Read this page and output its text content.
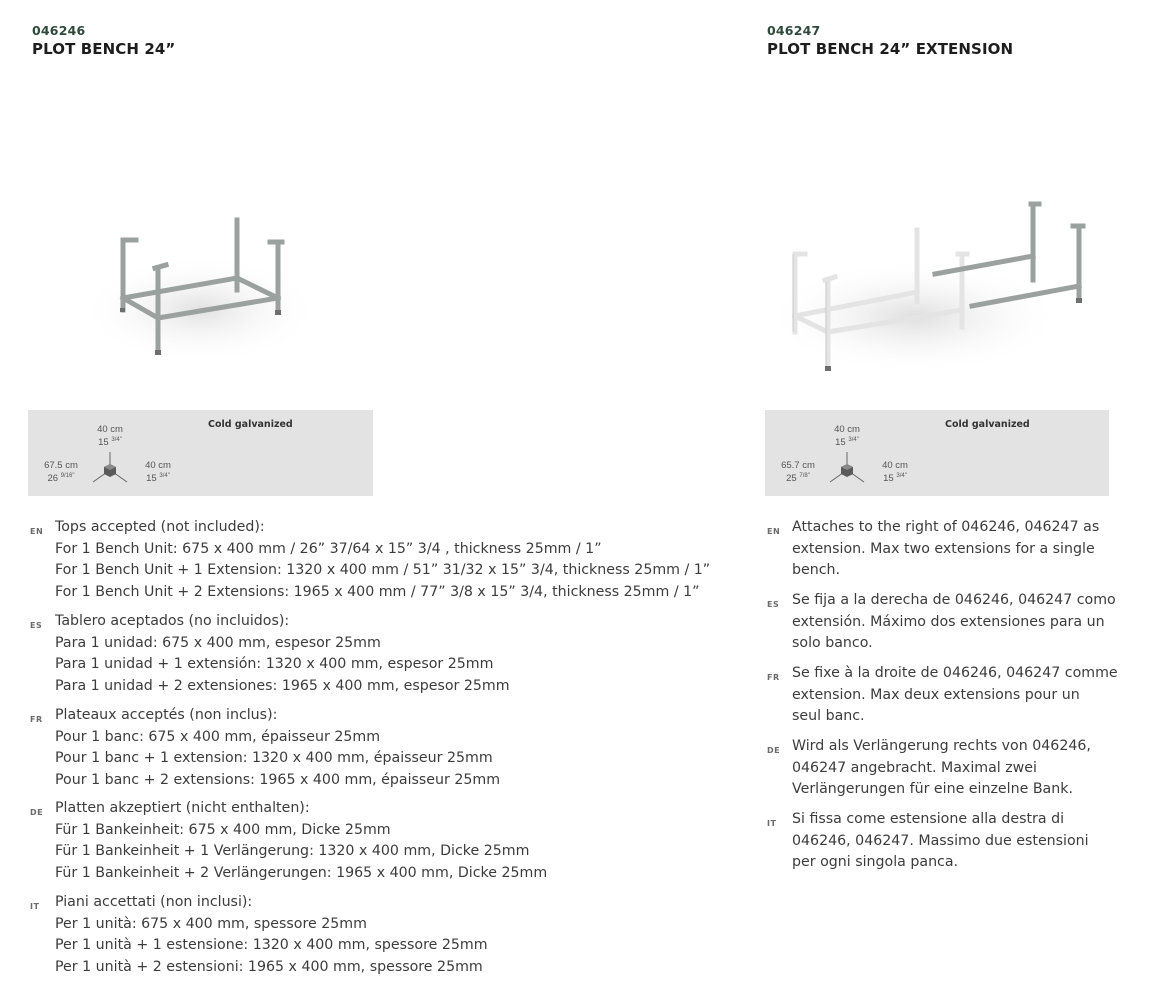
046246
PLOT BENCH 24”
Cold galvanized
40 cm
15 $^{3/4"}$
67.5 cm
26 $^{9/16"}$
40 cm
15 $^{3/4"}$
EN Tops accepted (not included):
For 1 Bench Unit: 675 x 400 mm / 26” 37/64 x 15” 3/4 , thickness 25mm / 1”
For 1 Bench Unit + 1 Extension: 1320 x 400 mm / 51” 31/32 x 15” 3/4, thickness 25mm / 1”
For 1 Bench Unit + 2 Extensions: 1965 x 400 mm / 77” 3/8 x 15” 3/4, thickness 25mm / 1”
ES Tablero aceptados (no incluidos):
Para 1 unidad: 675 x 400 mm, espesor 25mm
Para 1 unidad + 1 extensión: 1320 x 400 mm, espesor 25mm
Para 1 unidad + 2 extensiones: 1965 x 400 mm, espesor 25mm
FR Plateaux acceptés (non inclus):
Pour 1 banc: 675 x 400 mm, épaisseur 25mm
Pour 1 banc + 1 extension: 1320 x 400 mm, épaisseur 25mm
Pour 1 banc + 2 extensions: 1965 x 400 mm, épaisseur 25mm
DE Platten akzeptiert (nicht enthalten):
Für 1 Bankeinheit: 675 x 400 mm, Dicke 25mm
Für 1 Bankeinheit + 1 Verlängerung: 1320 x 400 mm, Dicke 25mm
Für 1 Bankeinheit + 2 Verlängerungen: 1965 x 400 mm, Dicke 25mm
IT Piani accettati (non inclusi):
Per 1 unità: 675 x 400 mm, spessore 25mm
Per 1 unità + 1 estensione: 1320 x 400 mm, spessore 25mm
Per 1 unità + 2 estensioni: 1965 x 400 mm, spessore 25mm
046247
PLOT BENCH 24” EXTENSION
Cold galvanized
40 cm
15 $^{3/4"}$
65.7 cm
25 $^{7/8"}$
40 cm
15 $^{3/4"}$
EN Attaches to the right of 046246, 046247 as
extension. Max two extensions for a single
bench.
ES Se fija a la derecha de 046246, 046247 como
extensión. Máximo dos extensiones para un
solo banco.
FR Se fixe à la droite de 046246, 046247 comme
extension. Max deux extensions pour un
seul banc.
DE Wird als Verlängerung rechts von 046246,
046247 angebracht. Maximal zwei
Verlängerungen für eine einzelne Bank.
IT Si fissa come estensione alla destra di
046246, 046247. Massimo due estensioni
per ogni singola panca.
